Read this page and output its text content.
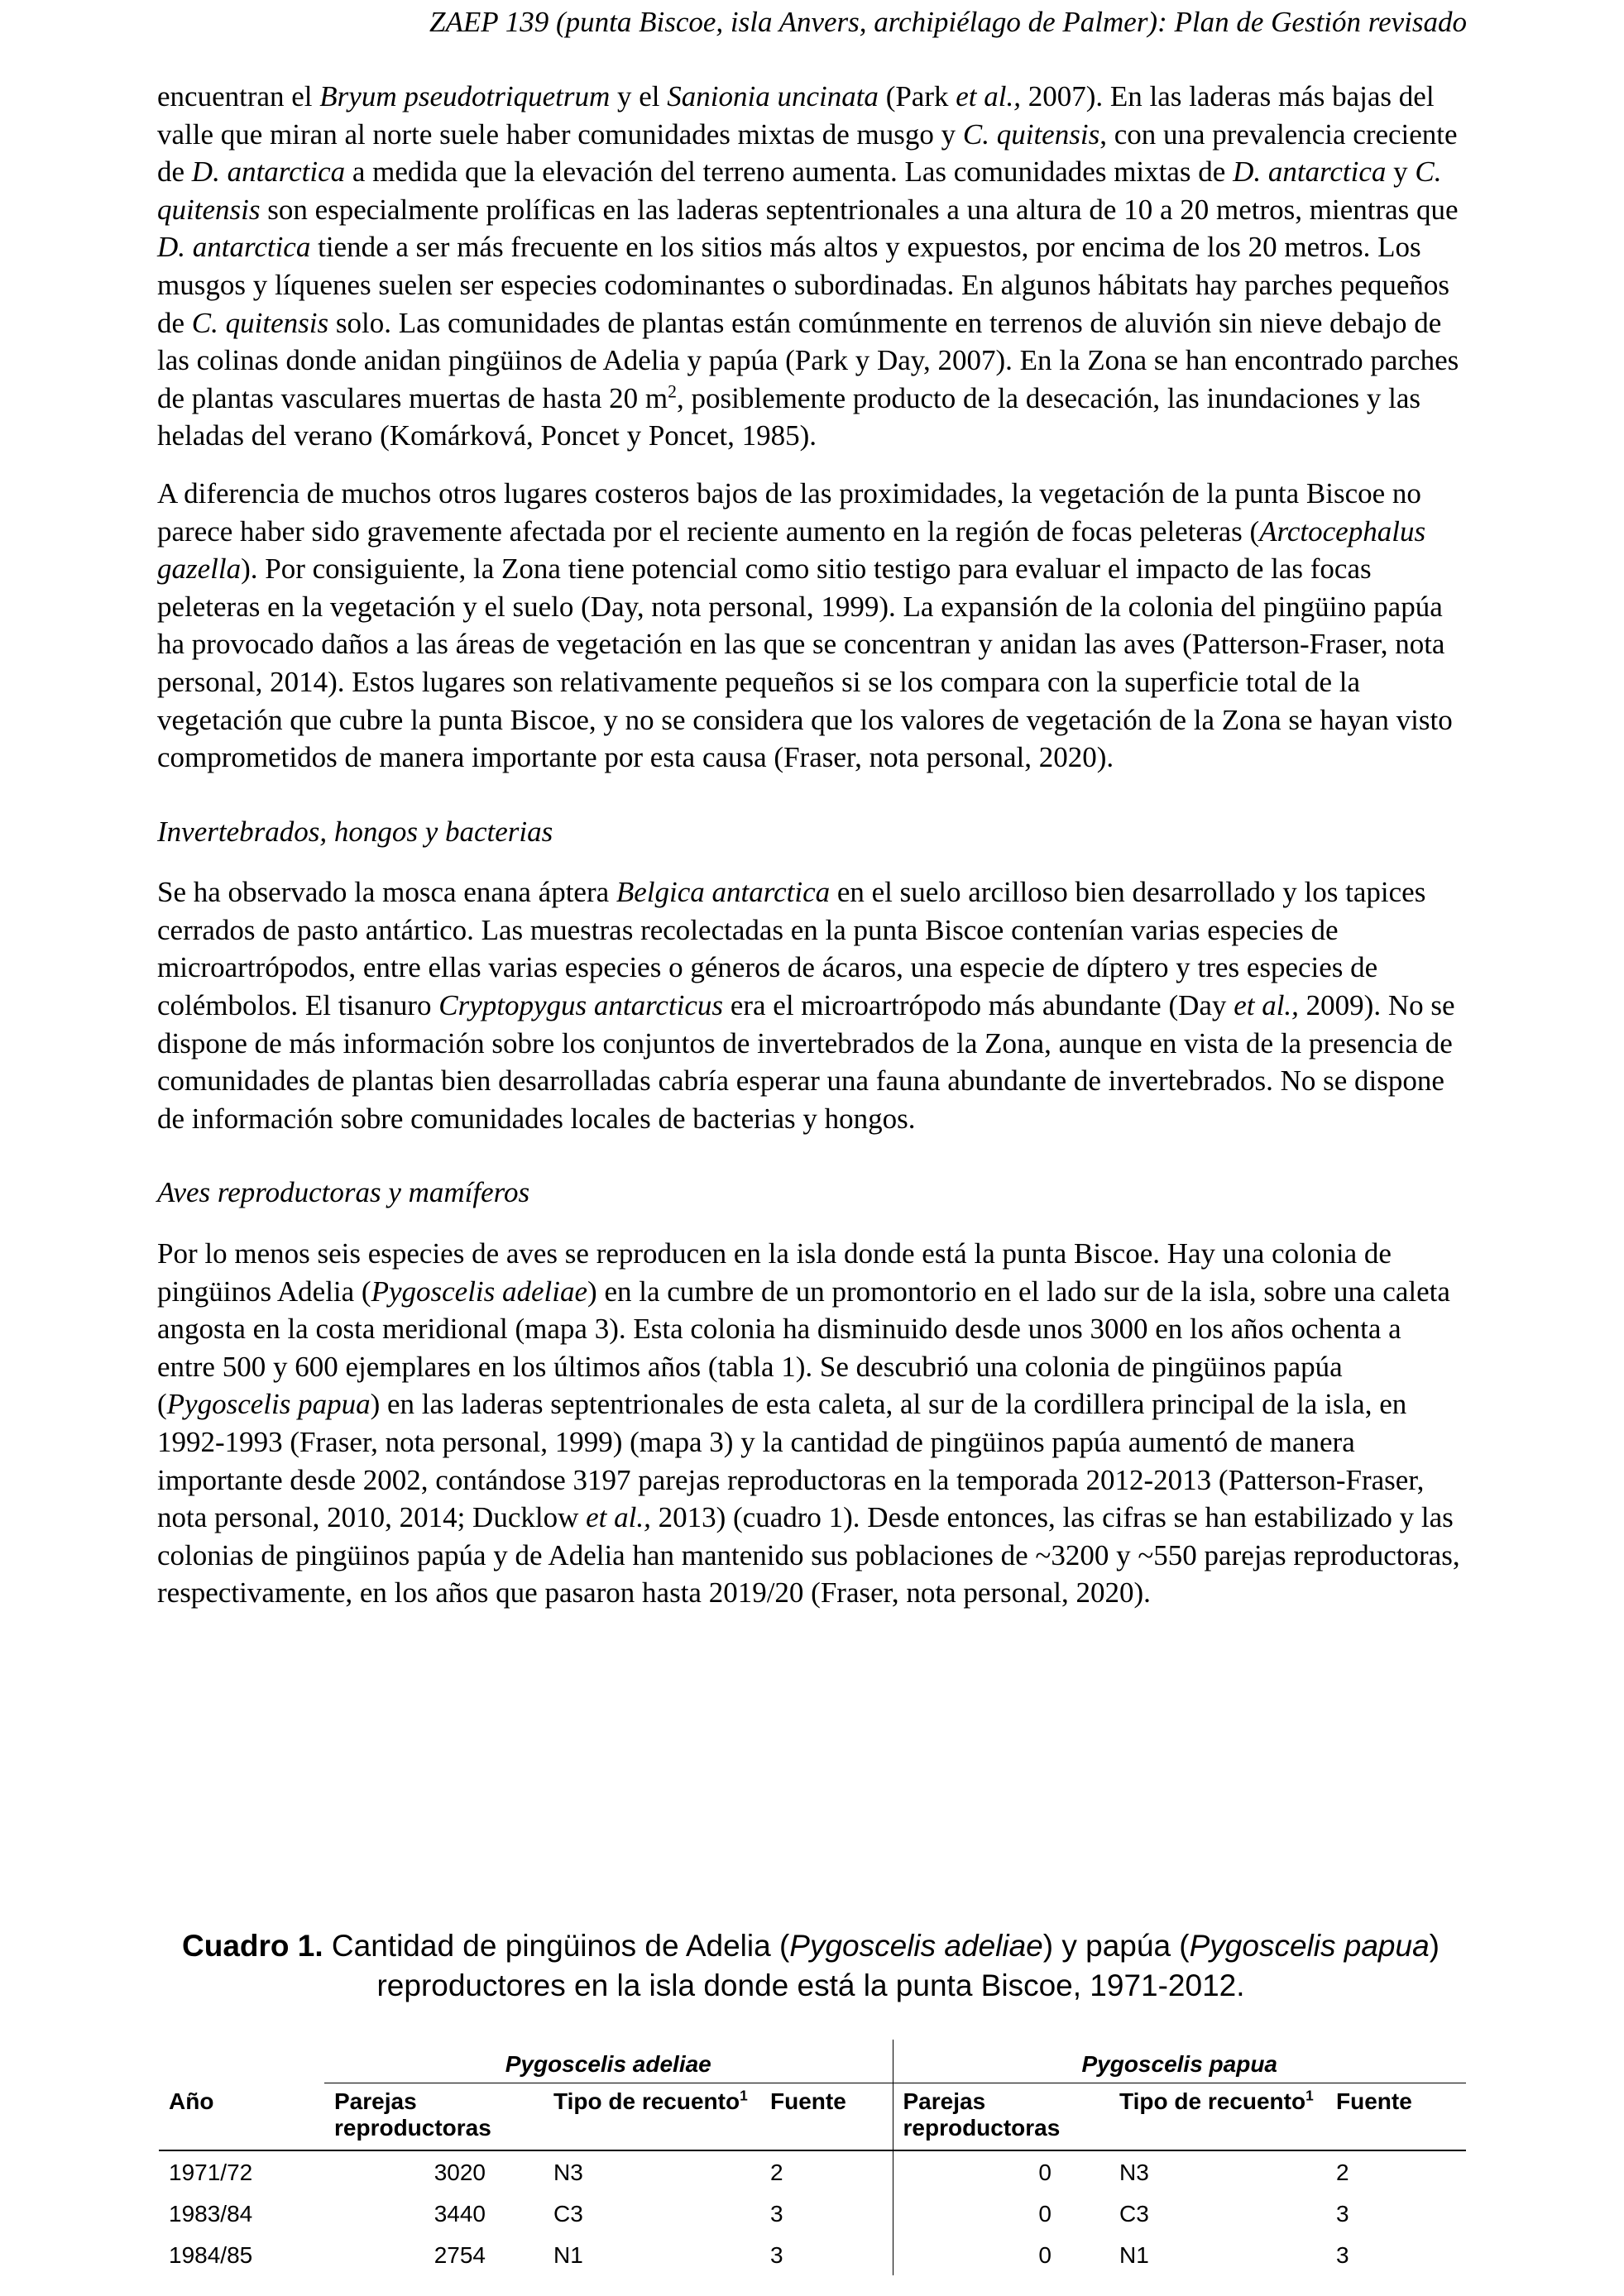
ZAEP 139 (punta Biscoe, isla Anvers, archipiélago de Palmer): Plan de Gestión revisado

encuentran el Bryum pseudotriquetrum y el Sanionia uncinata (Park et al., 2007). En las laderas más bajas del valle que miran al norte suele haber comunidades mixtas de musgo y C. quitensis, con una prevalencia creciente de D. antarctica a medida que la elevación del terreno aumenta. Las comunidades mixtas de D. antarctica y C. quitensis son especialmente prolíficas en las laderas septentrionales a una altura de 10 a 20 metros, mientras que D. antarctica tiende a ser más frecuente en los sitios más altos y expuestos, por encima de los 20 metros. Los musgos y líquenes suelen ser especies codominantes o subordinadas. En algunos hábitats hay parches pequeños de C. quitensis solo. Las comunidades de plantas están comúnmente en terrenos de aluvión sin nieve debajo de las colinas donde anidan pingüinos de Adelia y papúa (Park y Day, 2007). En la Zona se han encontrado parches de plantas vasculares muertas de hasta 20 $m^2$, posiblemente producto de la desecación, las inundaciones y las heladas del verano (Komárková, Poncet y Poncet, 1985).

A diferencia de muchos otros lugares costeros bajos de las proximidades, la vegetación de la punta Biscoe no parece haber sido gravemente afectada por el reciente aumento en la región de focas peleteras (Arctocephalus gazella). Por consiguiente, la Zona tiene potencial como sitio testigo para evaluar el impacto de las focas peleteras en la vegetación y el suelo (Day, nota personal, 1999). La expansión de la colonia del pingüino papúa ha provocado daños a las áreas de vegetación en las que se concentran y anidan las aves (Patterson-Fraser, nota personal, 2014). Estos lugares son relativamente pequeños si se los compara con la superficie total de la vegetación que cubre la punta Biscoe, y no se considera que los valores de vegetación de la Zona se hayan visto comprometidos de manera importante por esta causa (Fraser, nota personal, 2020).

Invertebrados, hongos y bacterias

Se ha observado la mosca enana áptera Belgica antarctica en el suelo arcilloso bien desarrollado y los tapices cerrados de pasto antártico. Las muestras recolectadas en la punta Biscoe contenían varias especies de microartrópodos, entre ellas varias especies o géneros de ácaros, una especie de díptero y tres especies de colémbolos. El tisanuro Cryptopygus antarcticus era el microartrópodo más abundante (Day et al., 2009). No se dispone de más información sobre los conjuntos de invertebrados de la Zona, aunque en vista de la presencia de comunidades de plantas bien desarrolladas cabría esperar una fauna abundante de invertebrados. No se dispone de información sobre comunidades locales de bacterias y hongos.

Aves reproductoras y mamíferos

Por lo menos seis especies de aves se reproducen en la isla donde está la punta Biscoe. Hay una colonia de pingüinos Adelia (Pygoscelis adeliae) en la cumbre de un promontorio en el lado sur de la isla, sobre una caleta angosta en la costa meridional (mapa 3). Esta colonia ha disminuido desde unos 3000 en los años ochenta a entre 500 y 600 ejemplares en los últimos años (tabla 1). Se descubrió una colonia de pingüinos papúa (Pygoscelis papua) en las laderas septentrionales de esta caleta, al sur de la cordillera principal de la isla, en 1992-1993 (Fraser, nota personal, 1999) (mapa 3) y la cantidad de pingüinos papúa aumentó de manera importante desde 2002, contándose 3197 parejas reproductoras en la temporada 2012-2013 (Patterson-Fraser, nota personal, 2010, 2014; Ducklow et al., 2013) (cuadro 1). Desde entonces, las cifras se han estabilizado y las colonias de pingüinos papúa y de Adelia han mantenido sus poblaciones de ~3200 y ~550 parejas reproductoras, respectivamente, en los años que pasaron hasta 2019/20 (Fraser, nota personal, 2020).

Cuadro 1. Cantidad de pingüinos de Adelia (Pygoscelis adeliae) y papúa (Pygoscelis papua) reproductores en la isla donde está la punta Biscoe, 1971-2012.
	Pygoscelis adeliae			Pygoscelis papua		
Año	Parejas reproductoras	Tipo de recuento$^1$	Fuente	Parejas reproductoras	Tipo de recuento$^1$	Fuente
1971/72	3020	N3	2	0	N3	2
1983/84	3440	C3	3	0	C3	3
1984/85	2754	N1	3	0	N1	3
